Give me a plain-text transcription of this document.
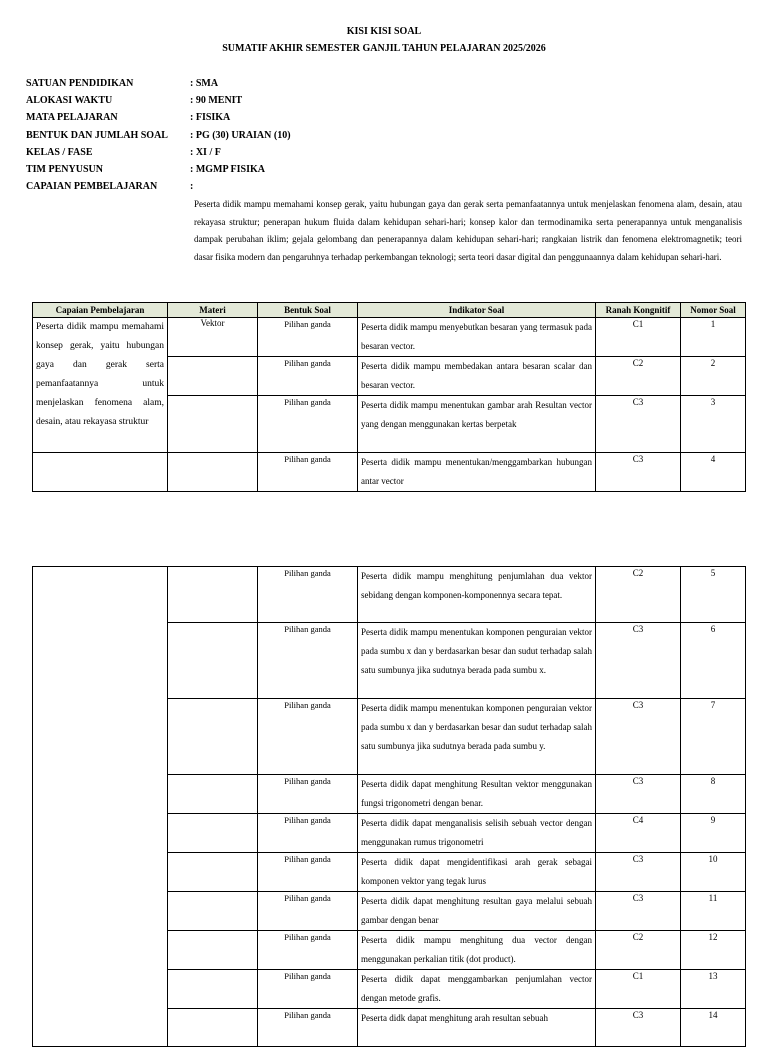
KISI KISI SOAL
SUMATIF AKHIR SEMESTER GANJIL TAHUN PELAJARAN 2025/2026
SATUAN PENDIDIKAN	: SMA
ALOKASI WAKTU	: 90 MENIT
MATA PELAJARAN	: FISIKA
BENTUK DAN JUMLAH SOAL	: PG (30) URAIAN (10)
KELAS / FASE	: XI / F
TIM PENYUSUN	: MGMP FISIKA
CAPAIAN PEMBELAJARAN	:
Peserta didik mampu memahami konsep gerak, yaitu hubungan gaya dan gerak serta pemanfaatannya untuk menjelaskan fenomena alam, desain, atau rekayasa struktur; penerapan hukum fluida dalam kehidupan sehari-hari; konsep kalor dan termodinamika serta penerapannya untuk menganalisis dampak perubahan iklim; gejala gelombang dan penerapannya dalam kehidupan sehari-hari; rangkaian listrik dan fenomena elektromagnetik; teori dasar fisika modern dan pengaruhnya terhadap perkembangan teknologi; serta teori dasar digital dan penggunaannya dalam kehidupan sehari-hari.
Capaian Pembelajaran	Materi	Bentuk Soal	Indikator Soal	Ranah Kongnitif	Nomor Soal
Peserta didik mampu memahami konsep gerak, yaitu hubungan gaya dan gerak serta pemanfaatannya untuk menjelaskan fenomena alam, desain, atau rekayasa struktur	Vektor	Pilihan ganda	Peserta didik mampu menyebutkan besaran yang termasuk pada besaran vector.	C1	1
		Pilihan ganda	Peserta didik mampu membedakan antara besaran scalar dan besaran vector.	C2	2
		Pilihan ganda	Peserta didik mampu menentukan gambar arah Resultan vector yang dengan menggunakan kertas berpetak	C3	3
		Pilihan ganda	Peserta didik mampu menentukan/menggambarkan hubungan antar vector	C3	4
		Pilihan ganda	Peserta didik mampu menghitung penjumlahan dua vektor sebidang dengan komponen-komponennya secara tepat.	C2	5
		Pilihan ganda	Peserta didik mampu menentukan komponen penguraian vektor pada sumbu x dan y berdasarkan besar dan sudut terhadap salah satu sumbunya jika sudutnya berada pada sumbu x.	C3	6
		Pilihan ganda	Peserta didik mampu menentukan komponen penguraian vektor pada sumbu x dan y berdasarkan besar dan sudut terhadap salah satu sumbunya jika sudutnya berada pada sumbu y.	C3	7
		Pilihan ganda	Peserta didik dapat menghitung Resultan vektor menggunakan fungsi trigonometri dengan benar.	C3	8
		Pilihan ganda	Peserta didik dapat menganalisis selisih sebuah vector dengan menggunakan rumus trigonometri	C4	9
		Pilihan ganda	Peserta didik dapat mengidentifikasi arah gerak sebagai komponen vektor yang tegak lurus	C3	10
		Pilihan ganda	Peserta didik dapat menghitung resultan gaya melalui sebuah gambar dengan benar	C3	11
		Pilihan ganda	Peserta didik mampu menghitung dua vector dengan menggunakan perkalian titik (dot product).	C2	12
		Pilihan ganda	Peserta didik dapat menggambarkan penjumlahan vector dengan metode grafis.	C1	13
		Pilihan ganda	Peserta didk dapat menghitung arah resultan sebuah	C3	14
